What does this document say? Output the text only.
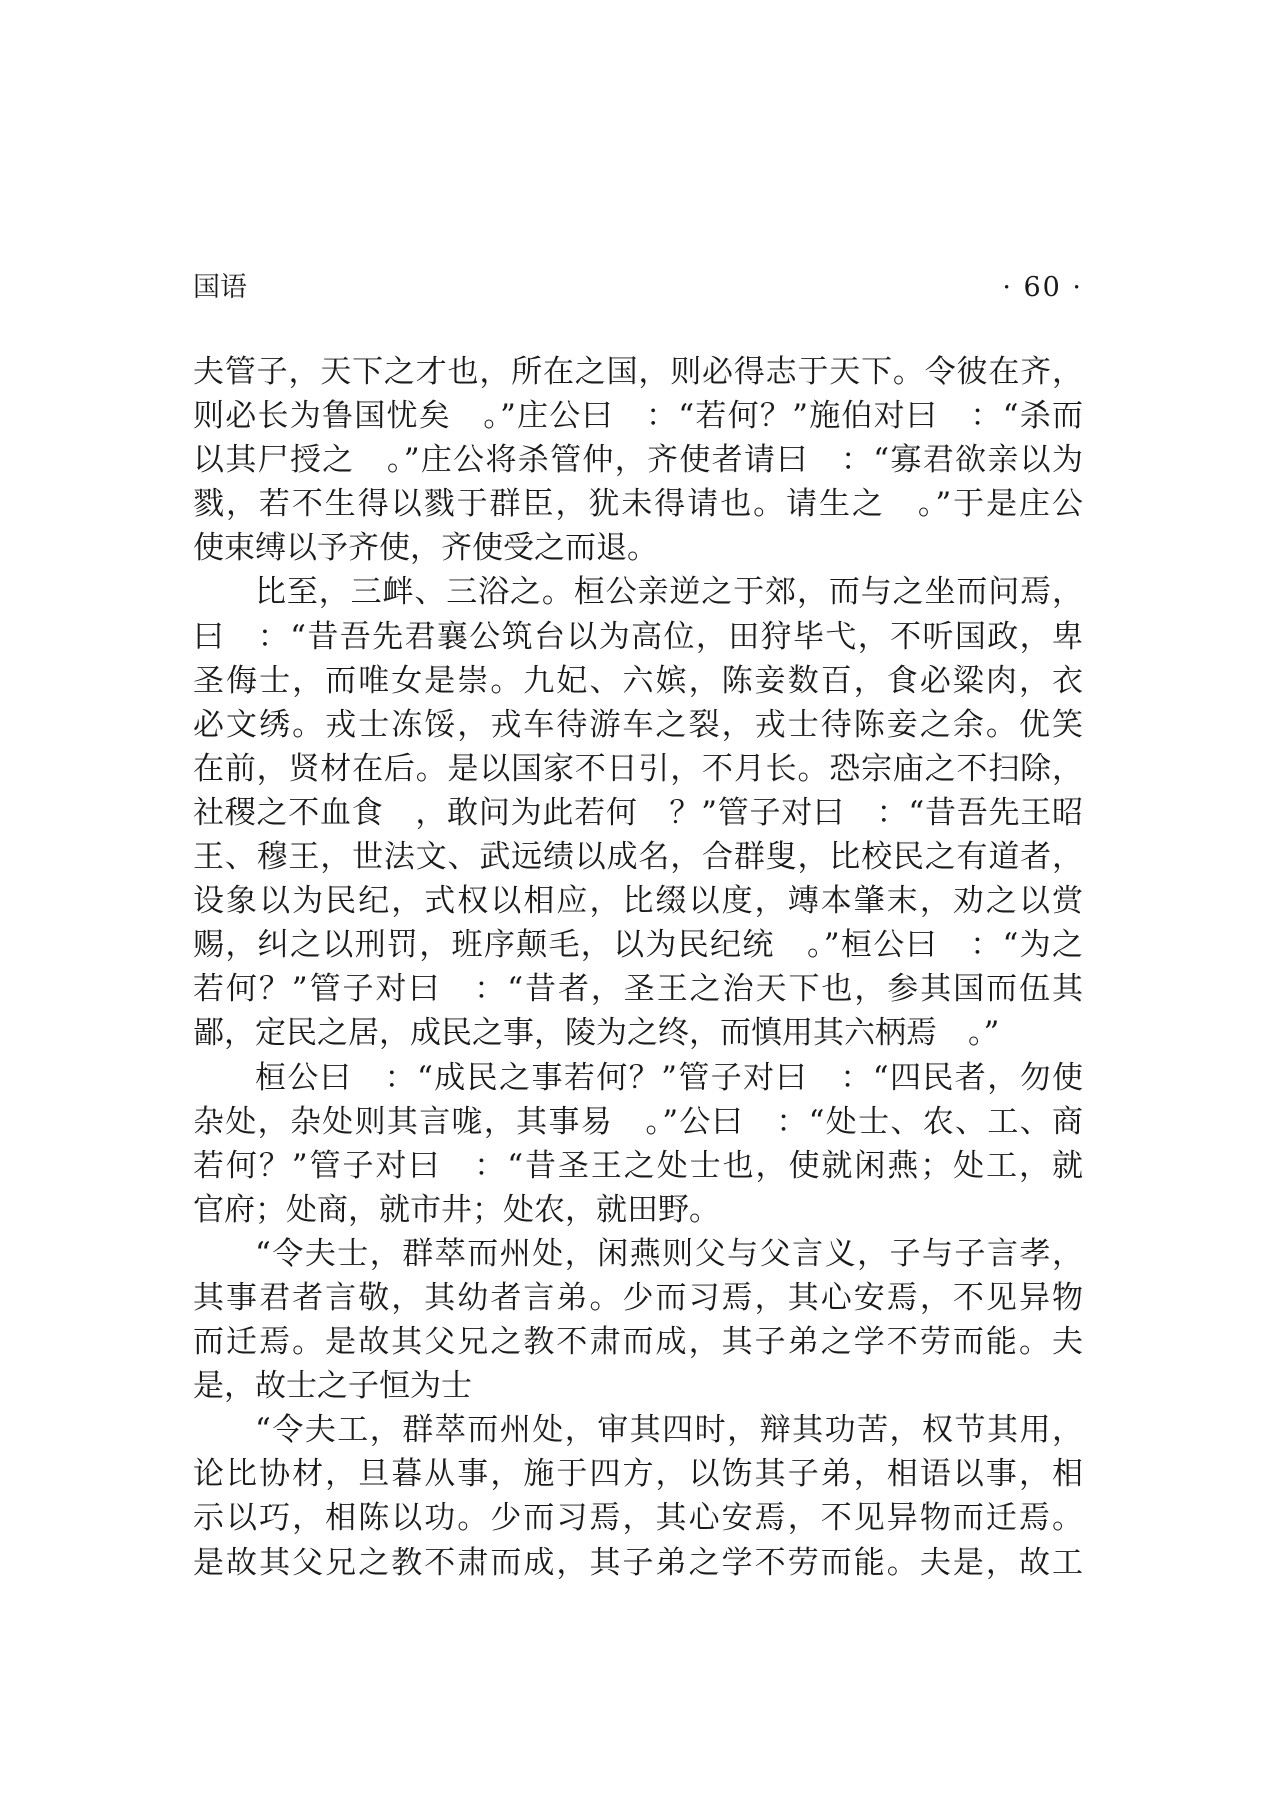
国语	· 60 ·
夫管子，天下之才也，所在之国，则必得志于天下。令彼在齐，
则必长为鲁国忧矣　。”庄公曰　：“若何？”施伯对曰　：“杀而
以其尸授之　。”庄公将杀管仲，齐使者请曰　：“寡君欲亲以为
戮，若不生得以戮于群臣，犹未得请也。请生之　。”于是庄公
使束缚以予齐使，齐使受之而退。
比至，三衅、三浴之。桓公亲逆之于郊，而与之坐而问焉，
曰　：“昔吾先君襄公筑台以为高位，田狩毕弋，不听国政，卑
圣侮士，而唯女是崇。九妃、六嫔，陈妾数百，食必粱肉，衣
必文绣。戎士冻馁，戎车待游车之裂，戎士待陈妾之余。优笑
在前，贤材在后。是以国家不日引，不月长。恐宗庙之不扫除，
社稷之不血食　，敢问为此若何　？”管子对曰　：“昔吾先王昭
王、穆王，世法文、武远绩以成名，合群叟，比校民之有道者，
设象以为民纪，式权以相应，比缀以度，竱本肇末，劝之以赏
赐，纠之以刑罚，班序颠毛，以为民纪统　。”桓公曰　：“为之
若何？”管子对曰　：“昔者，圣王之治天下也，参其国而伍其
鄙，定民之居，成民之事，陵为之终，而慎用其六柄焉　。”
桓公曰　：“成民之事若何？”管子对曰　：“四民者，勿使
杂处，杂处则其言哤，其事易　。”公曰　：“处士、农、工、商
若何？”管子对曰　：“昔圣王之处士也，使就闲燕；处工，就
官府；处商，就市井；处农，就田野。
“令夫士，群萃而州处，闲燕则父与父言义，子与子言孝，
其事君者言敬，其幼者言弟。少而习焉，其心安焉，不见异物
而迁焉。是故其父兄之教不肃而成，其子弟之学不劳而能。夫
是，故士之子恒为士
“令夫工，群萃而州处，审其四时，辩其功苦，权节其用，
论比协材，旦暮从事，施于四方，以饬其子弟，相语以事，相
示以巧，相陈以功。少而习焉，其心安焉，不见异物而迁焉。
是故其父兄之教不肃而成，其子弟之学不劳而能。夫是，故工
